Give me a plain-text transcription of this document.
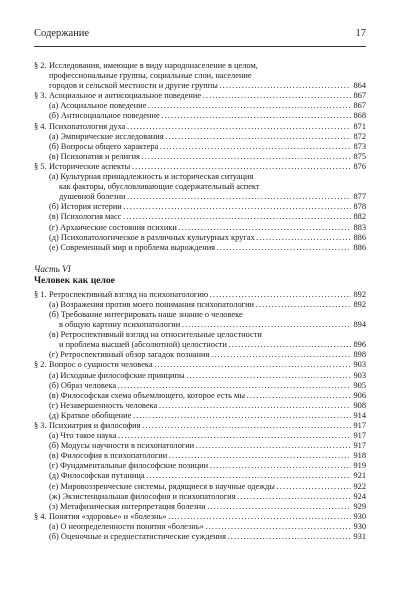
Содержание	17
§ 2. Исследования, имеющие в виду народонаселение в целом,
профессиональные группы, социальные слои, население
городов и сельской местности и другие группы . . .	864
§ 3. Асоциальное и антисоциальное поведение . . .	867
(а) Асоциальное поведение . . .	867
(б) Антисоциальное поведение . . .	868
§ 4. Психопатология духа . . .	871
(а) Эмпирические исследования . . .	872
(б) Вопросы общего характера . . .	873
(в) Психопатия и религия . . .	875
§ 5. Исторические аспекты . . .	876
(а) Культурная принадлежность и историческая ситуация
как факторы, обусловливающие содержательный аспект
душевной болезни . . .	877
(б) История истерии . . .	878
(в) Психология масс . . .	882
(г) Архаические состояния психики . . .	883
(д) Психопатологическое в различных культурных кругах . . .	886
(е) Современный мир и проблема вырождения . . .	886
Часть VI
Человек как целое
§ 1. Ретроспективный взгляд на психопатологию . . .	892
(а) Возражения против моего понимания психопатологии . . .	892
(б) Требование интегрировать наше знание о человеке
в общую картину психопатологии . . .	894
(в) Ретроспективный взгляд на относительные целостности
и проблема высшей (абсолютной) целостности . . .	896
(г) Ретроспективный обзор загадок познания . . .	898
§ 2. Вопрос о сущности человека . . .	903
(а) Исходные философские принципы . . .	903
(б) Образ человека . . .	905
(в) Философская схема объемлющего, которое есть мы . . .	906
(г) Незавершенность человека . . .	908
(д) Краткое обобщение . . .	914
§ 3. Психиатрия и философия . . .	917
(а) Что такое наука . . .	917
(б) Модусы научности в психопатологии . . .	917
(в) Философия в психопатологии . . .	918
(г) Фундаментальные философские позиции . . .	919
(д) Философская путаница . . .	921
(е) Мировоззренческие системы, рядящиеся в научные одежды . . .	922
(ж) Экзистенциальная философия и психопатология . . .	924
(з) Метафизическая интерпретация болезни . . .	929
§ 4. Понятия «здоровье» и «болезнь» . . .	930
(а) О неопределенности понятия «болезнь» . . .	930
(б) Оценочные и среднестатистические суждения . . .	931
